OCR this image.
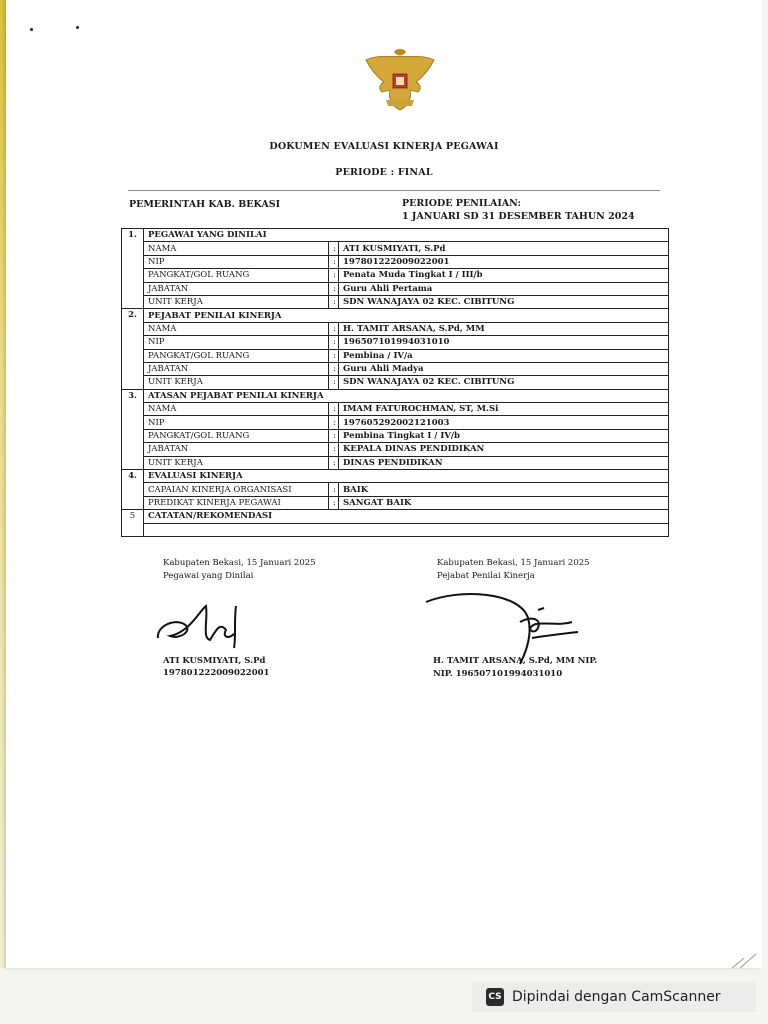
DOKUMEN EVALUASI KINERJA PEGAWAI
PERIODE : FINAL
PEMERINTAH KAB. BEKASI	PERIODE PENILAIAN:
1 JANUARI SD 31 DESEMBER TAHUN 2024
1.	PEGAWAI YANG DINILAI		
	NAMA	:	ATI KUSMIYATI, S.Pd
	NIP	:	197801222009022001
	PANGKAT/GOL RUANG	:	Penata Muda Tingkat I / III/b
	JABATAN	:	Guru Ahli Pertama
	UNIT KERJA	:	SDN WANAJAYA 02 KEC. CIBITUNG
2.	PEJABAT PENILAI KINERJA		
	NAMA	:	H. TAMIT ARSANA, S.Pd, MM
	NIP	:	196507101994031010
	PANGKAT/GOL RUANG	:	Pembina / IV/a
	JABATAN	:	Guru Ahli Madya
	UNIT KERJA	:	SDN WANAJAYA 02 KEC. CIBITUNG
3.	ATASAN PEJABAT PENILAI KINERJA		
	NAMA	:	IMAM FATUROCHMAN, ST, M.Si
	NIP	:	197605292002121003
	PANGKAT/GOL RUANG	:	Pembina Tingkat I / IV/b
	JABATAN	:	KEPALA DINAS PENDIDIKAN
	UNIT KERJA	:	DINAS PENDIDIKAN
4.	EVALUASI KINERJA		
	CAPAIAN KINERJA ORGANISASI	:	BAIK
	PREDIKAT KINERJA PEGAWAI	:	SANGAT BAIK
5	CATATAN/REKOMENDASI		

Kabupaten Bekasi, 15 Januari 2025
Pegawai yang Dinilai
ATI KUSMIYATI, S.Pd
197801222009022001
Kabupaten Bekasi, 15 Januari 2025
Pejabat Penilai Kinerja
H. TAMIT ARSANA, S.Pd, MM NIP.
NIP. 196507101994031010
CS Dipindai dengan CamScanner
